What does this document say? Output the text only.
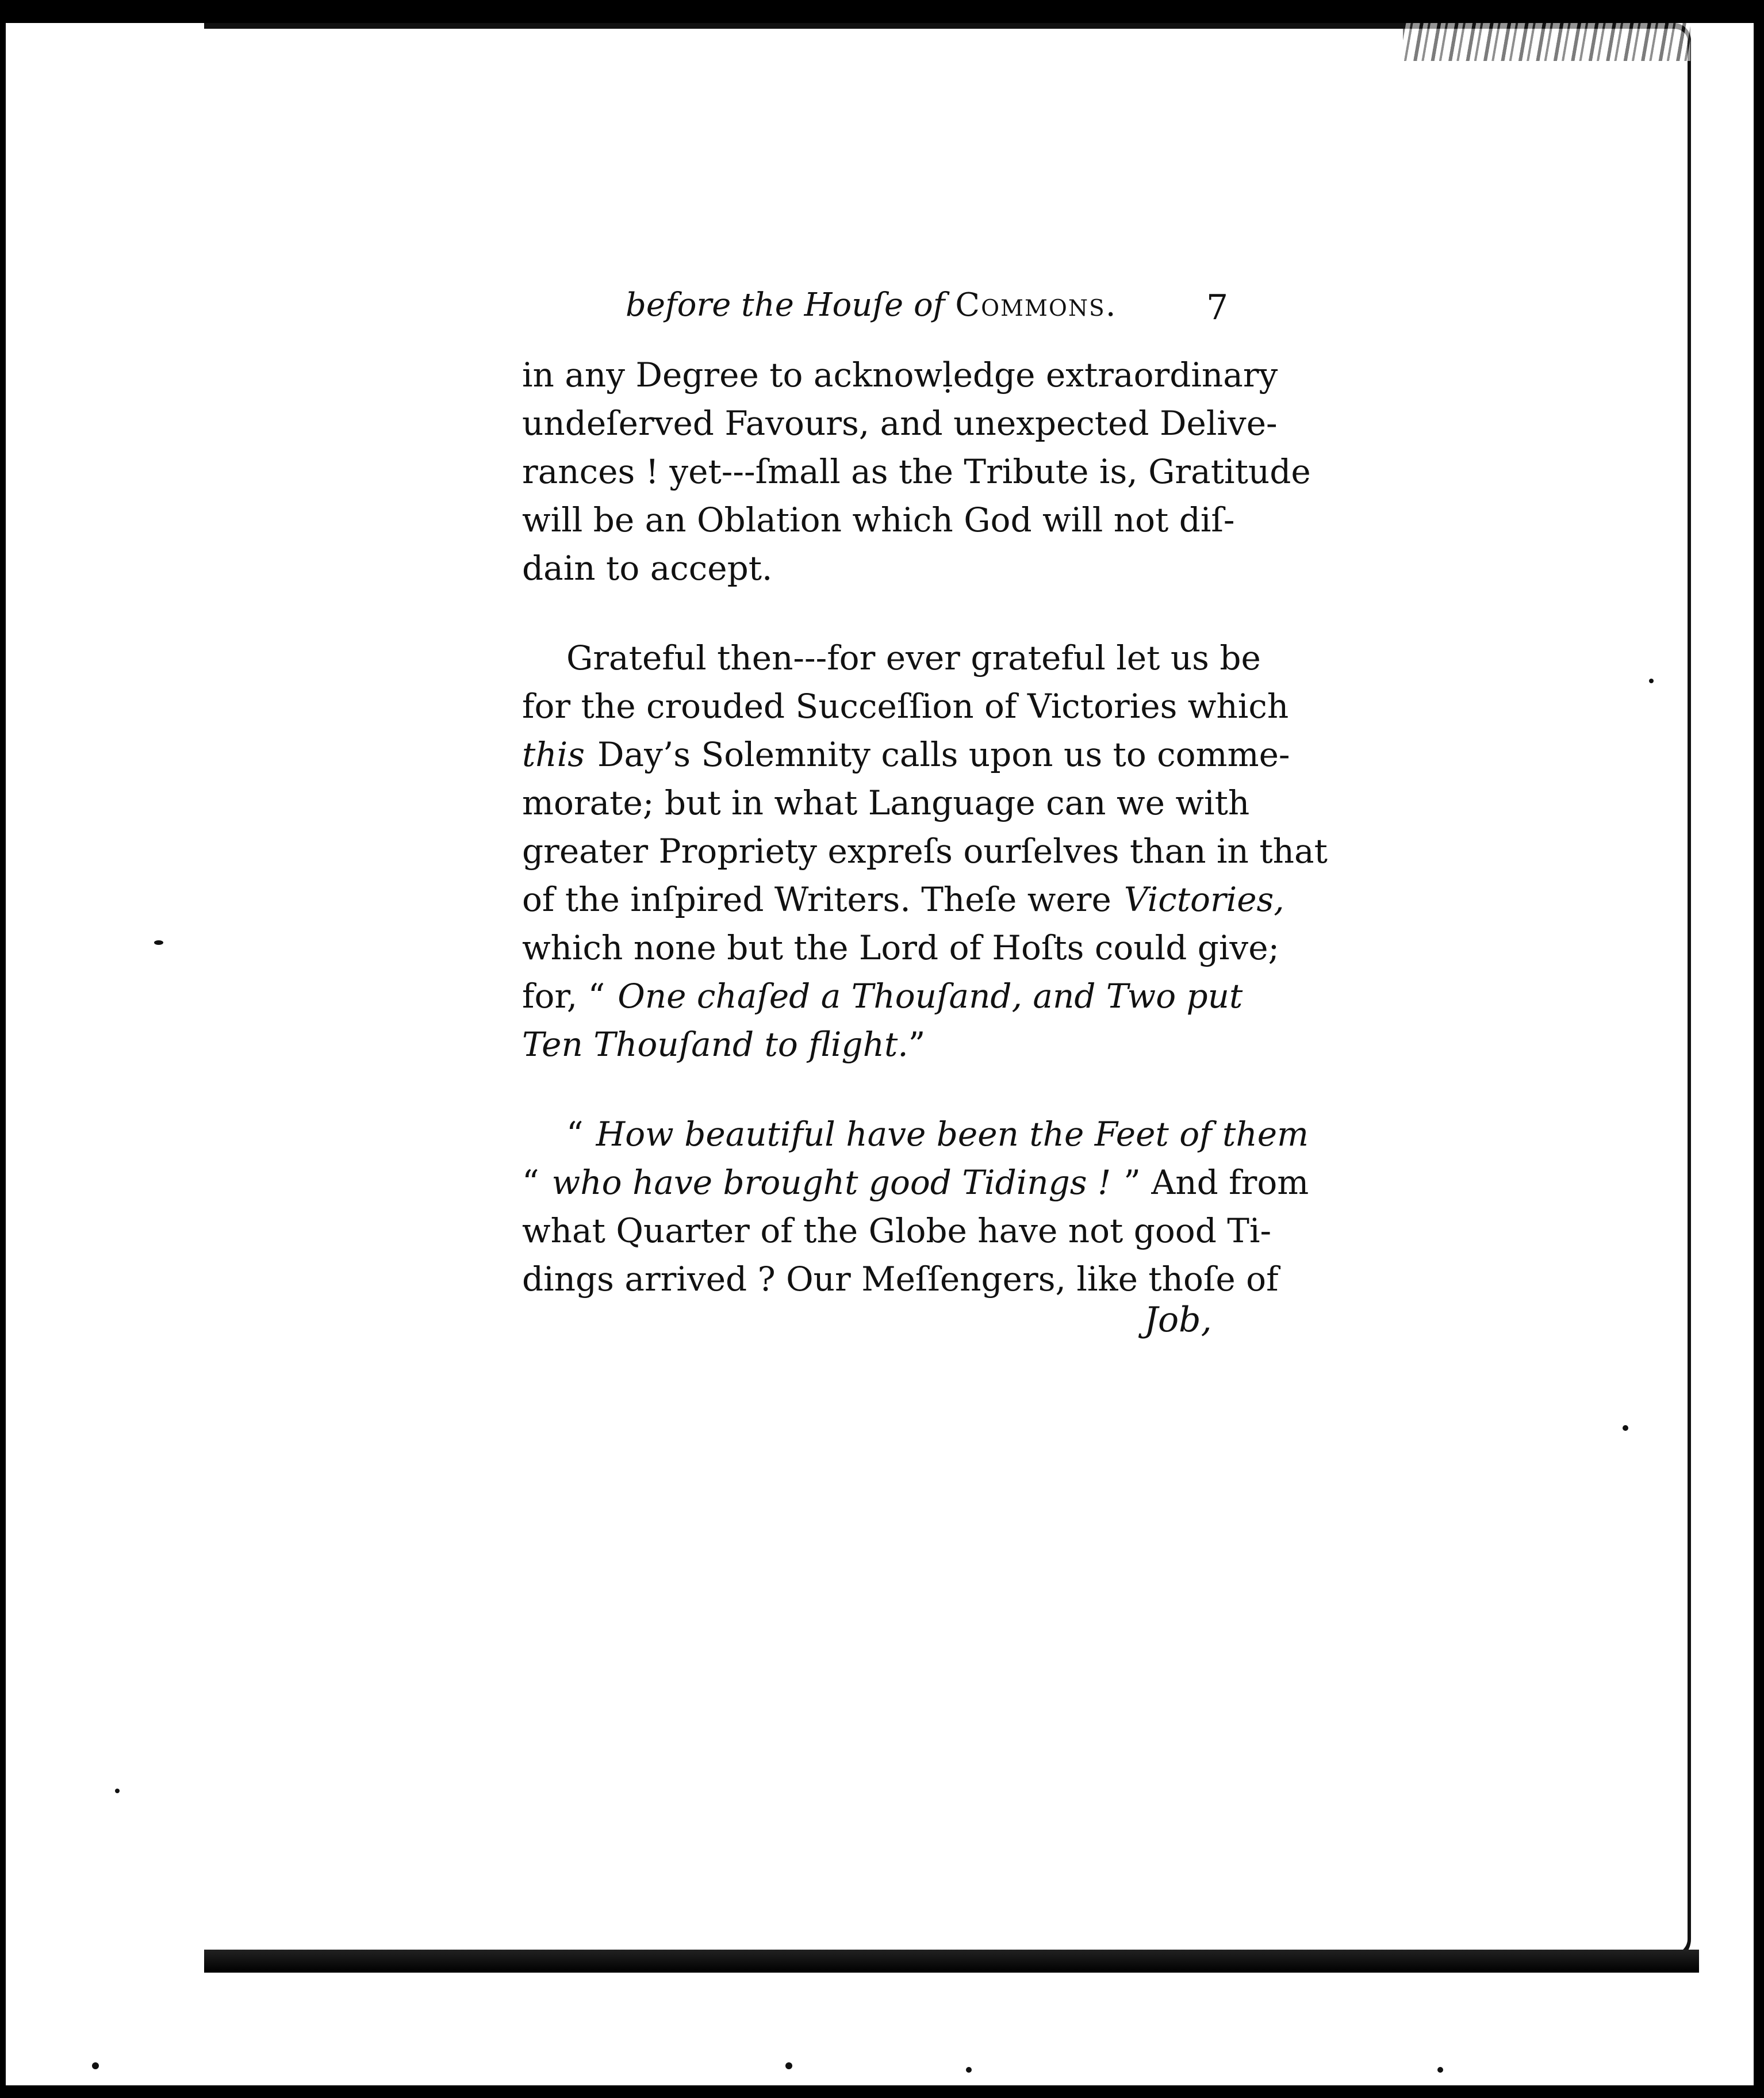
before the Houſe of Commons.	7
in any Degree to acknowḷedge extraordinary
undeſerved Favours, and unexpected Delive-
rances ! yet---ſmall as the Tribute is, Gratitude
will be an Oblation which God will not diſ-
dain to accept.
Grateful then---for ever grateful let us be
for the crouded Succeſſion of Victories which
this Day’s Solemnity calls upon us to comme-
morate; but in what Language can we with
greater Propriety expreſs ourſelves than in that
of the inſpired Writers. Theſe were Victories,
which none but the Lord of Hoſts could give;
for, “ One chaſed a Thouſand, and Two put
Ten Thouſand to flight. ”
“ How beautiful have been the Feet of them
“ who have brought good Tidings ! ” And from
what Quarter of the Globe have not good Ti-
dings arrived ? Our Meſſengers, like thoſe of
Job,
